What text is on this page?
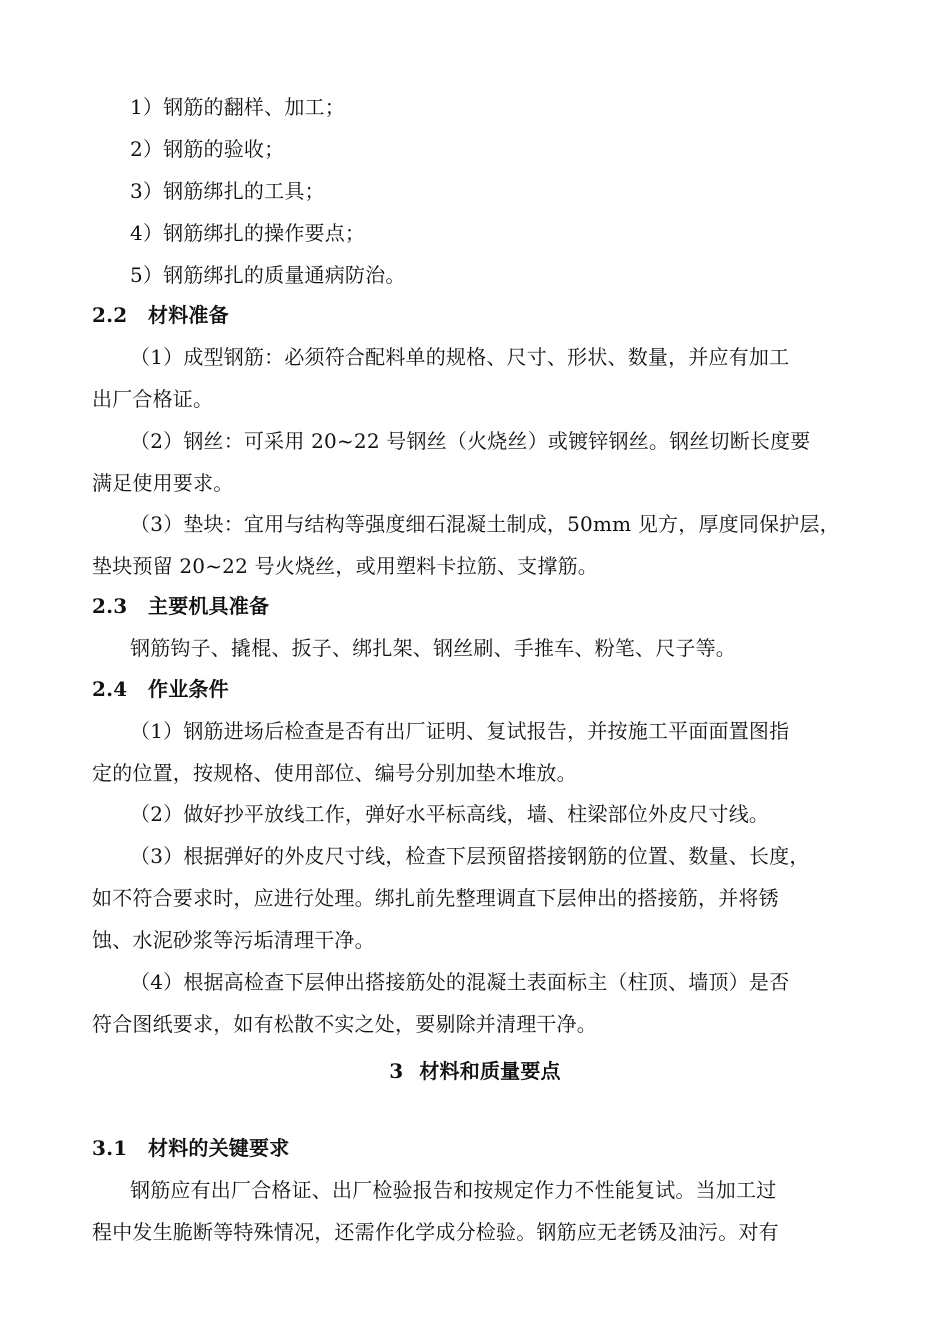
1）钢筋的翻样、加工；
2）钢筋的验收；
3）钢筋绑扎的工具；
4）钢筋绑扎的操作要点；
5）钢筋绑扎的质量通病防治。
2.2 材料准备
（1）成型钢筋：必须符合配料单的规格、尺寸、形状、数量，并应有加工
出厂合格证。
（2）钢丝：可采用 20~22 号钢丝（火烧丝）或镀锌钢丝。钢丝切断长度要
满足使用要求。
（3）垫块：宜用与结构等强度细石混凝土制成，50mm 见方，厚度同保护层，
垫块预留 20~22 号火烧丝，或用塑料卡拉筋、支撑筋。
2.3 主要机具准备
钢筋钩子、撬棍、扳子、绑扎架、钢丝刷、手推车、粉笔、尺子等。
2.4 作业条件
（1）钢筋进场后检查是否有出厂证明、复试报告，并按施工平面面置图指
定的位置，按规格、使用部位、编号分别加垫木堆放。
（2）做好抄平放线工作，弹好水平标高线，墙、柱梁部位外皮尺寸线。
（3）根据弹好的外皮尺寸线，检查下层预留搭接钢筋的位置、数量、长度，
如不符合要求时，应进行处理。绑扎前先整理调直下层伸出的搭接筋，并将锈
蚀、水泥砂浆等污垢清理干净。
（4）根据高检查下层伸出搭接筋处的混凝土表面标主（柱顶、墙顶）是否
符合图纸要求，如有松散不实之处，要剔除并清理干净。
3 材料和质量要点
3.1 材料的关键要求
钢筋应有出厂合格证、出厂检验报告和按规定作力不性能复试。当加工过
程中发生脆断等特殊情况，还需作化学成分检验。钢筋应无老锈及油污。对有
